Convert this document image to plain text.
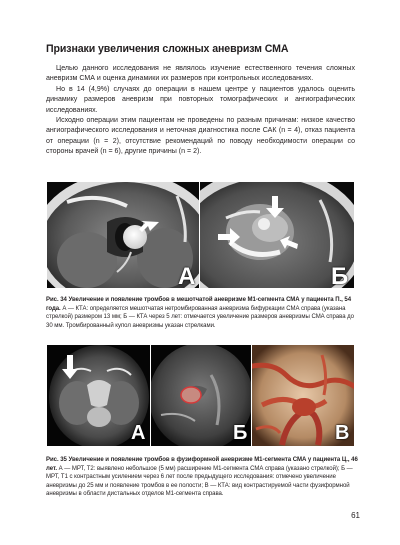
Признаки увеличения сложных аневризм СМА

Целью данного исследования не являлось изучение естественного течения сложных аневризм СМА и оценка динамики их размеров при контрольных исследованиях.

Но в 14 (4,9%) случаях до операции в нашем центре у пациентов удалось оценить динамику размеров аневризм при повторных томографических и ангиографических исследованиях.

Исходно операции этим пациентам не проведены по разным причинам: низкое качество ангиографического исследования и неточная диагностика после САК (n = 4), отказ пациента от операции (n = 2), отсутствие рекомендаций по поводу необходимости операции со стороны врачей (n = 6), другие причины (n = 2).

А	Б
Рис. 34 Увеличение и появление тромбов в мешотчатой аневризме М1-сегмента СМА у пациента П., 54 года. А — КТА: определяется мешотчатая нетромбированная аневризма бифуркации СМА справа (указана стрелкой) размером 13 мм; Б — КТА через 5 лет: отмечается увеличение размеров аневризмы СМА справа до 30 мм. Тромбированный купол аневризмы указан стрелками.
А	Б	В
Рис. 35 Увеличение и появление тромбов в фузиформной аневризме М1-сегмента СМА у пациента Ц., 46 лет. А — МРТ, Т2: выявлено небольшое (5 мм) расширение М1-сегмента СМА справа (указано стрелкой); Б — МРТ, Т1 с контрастным усилением через 6 лет после предыдущего исследования: отмечено увеличение аневризмы до 25 мм и появление тромбов в ее полости; В — КТА: вид контрастируемой части фузиформной аневризмы в области дистальных отделов М1-сегмента справа.
61
